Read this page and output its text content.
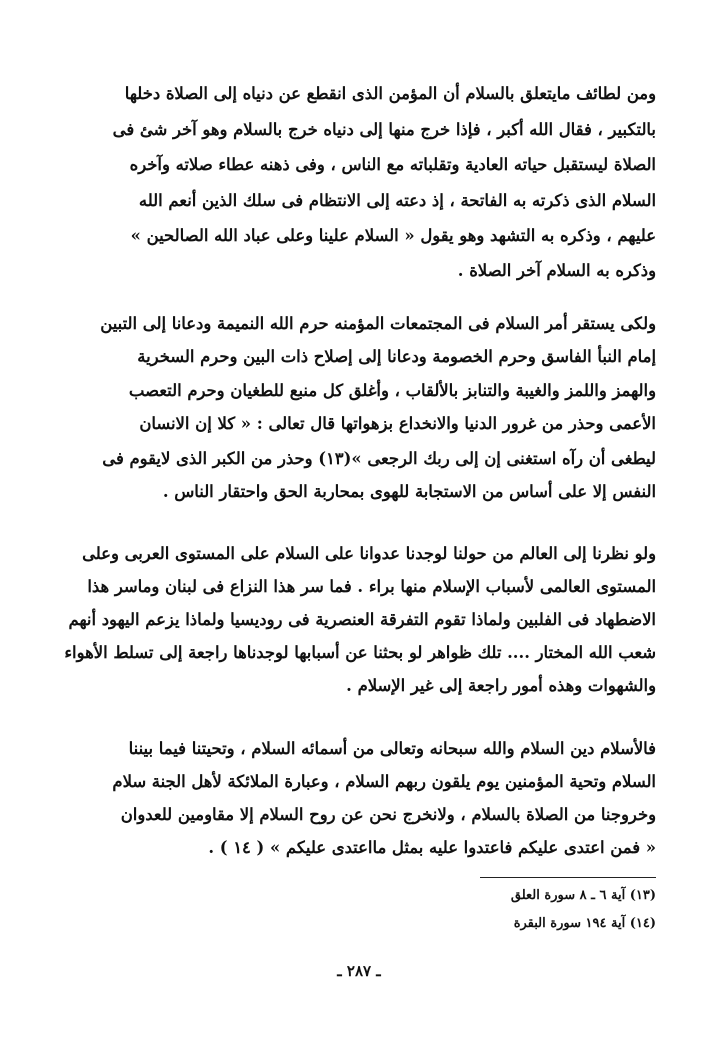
ومن لطائف مايتعلق بالسلام أن المؤمن الذى انقطع عن دنياه إلى الصلاة دخلها
بالتكبير ، فقال الله أكبر ، فإذا خرج منها إلى دنياه خرج بالسلام وهو آخر شئ فى
الصلاة ليستقبل حياته العادية وتقلباته مع الناس ، وفى ذهنه عطاء صلاته وآخره
السلام الذى ذكرته به الفاتحة ، إذ دعته إلى الانتظام فى سلك الذين أنعم الله
عليهم ، وذكره به التشهد وهو يقول « السلام علينا وعلى عباد الله الصالحين »
وذكره به السلام آخر الصلاة .
ولكى يستقر أمر السلام فى المجتمعات المؤمنه حرم الله النميمة ودعانا إلى التبين
إمام النبأ الفاسق وحرم الخصومة ودعانا إلى إصلاح ذات البين وحرم السخرية
والهمز واللمز والغيبة والتنابز بالألقاب ، وأغلق كل منبع للطغيان وحرم التعصب
الأعمى وحذر من غرور الدنيا والانخداع بزهواتها قال تعالى : « كلا إن الانسان
ليطغى أن رآه استغنى إن إلى ربك الرجعى »(١٣) وحذر من الكبر الذى لايقوم فى
النفس إلا على أساس من الاستجابة للهوى بمحاربة الحق واحتقار الناس .
ولو نظرنا إلى العالم من حولنا لوجدنا عدوانا على السلام على المستوى العربى وعلى
المستوى العالمى لأسباب الإسلام منها براء . فما سر هذا النزاع فى لبنان وماسر هذا
الاضطهاد فى الفلبين ولماذا تقوم التفرقة العنصرية فى روديسيا ولماذا يزعم اليهود أنهم
شعب الله المختار .... تلك ظواهر لو بحثنا عن أسبابها لوجدناها راجعة إلى تسلط الأهواء
والشهوات وهذه أمور راجعة إلى غير الإسلام .
فالأسلام دين السلام والله سبحانه وتعالى من أسمائه السلام ، وتحيتنا فيما بيننا
السلام وتحية المؤمنين يوم يلقون ربهم السلام ، وعبارة الملائكة لأهل الجنة سلام
وخروجنا من الصلاة بالسلام ، ولانخرج نحن عن روح السلام إلا مقاومين للعدوان
« فمن اعتدى عليكم فاعتدوا عليه بمثل مااعتدى عليكم » ( ١٤ ) .
(١٣) آية ٦ ـ ٨ سورة العلق
(١٤) آية ١٩٤ سورة البقرة
ـ ٢٨٧ ـ
